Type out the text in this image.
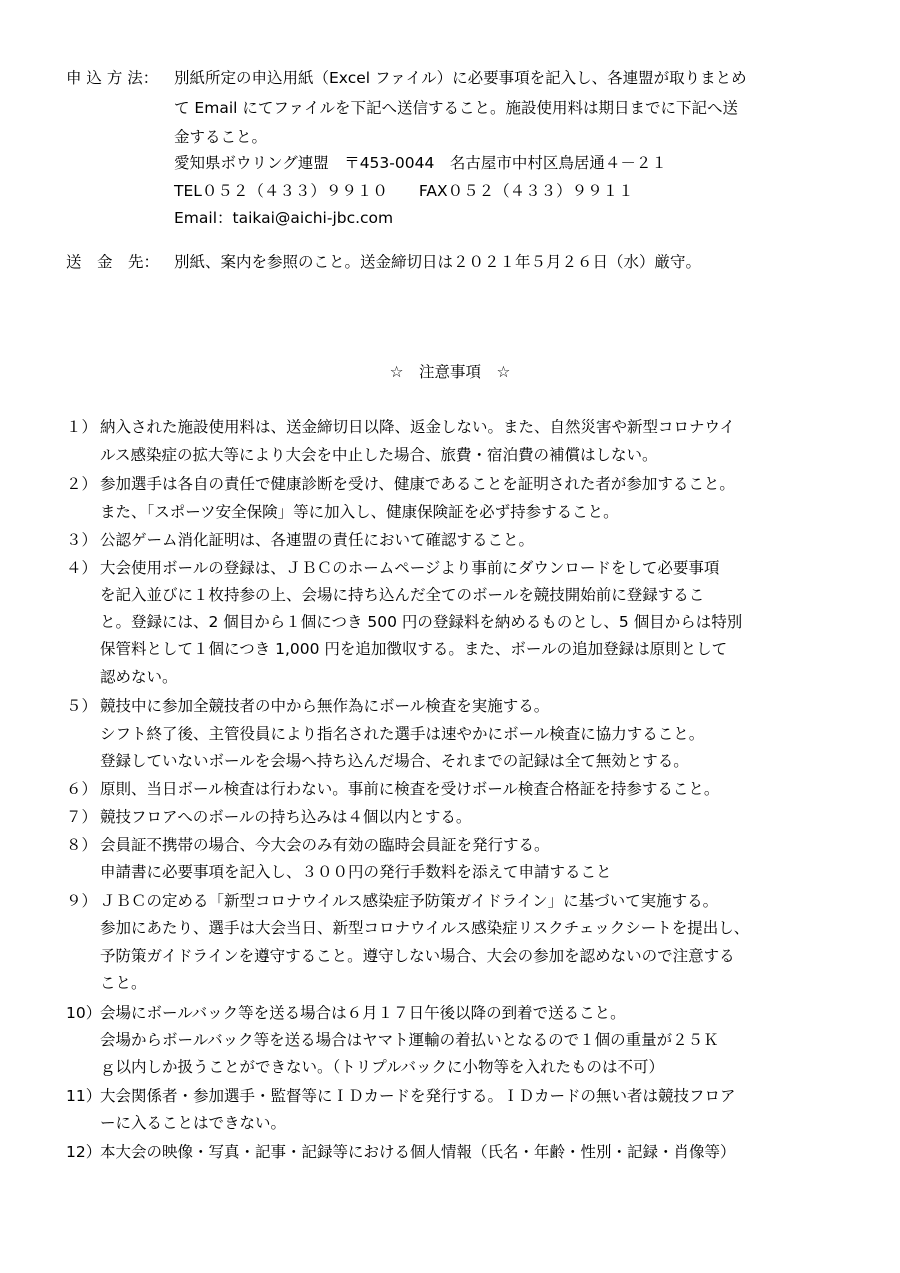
申 込 方 法： 別紙所定の申込用紙（Excel ファイル）に必要事項を記入し、各連盟が取りまとめ
て Email にてファイルを下記へ送信すること。施設使用料は期日までに下記へ送
金すること。
愛知県ボウリング連盟　〒453-0044　名古屋市中村区鳥居通４－２１
TEL０５２（４３３）９９１０　　FAX０５２（４３３）９９１１
Email：taikai@aichi-jbc.com
送　金　先： 別紙、案内を参照のこと。送金締切日は２０２１年５月２６日（水）厳守。
☆　注意事項　☆
１） 納入された施設使用料は、送金締切日以降、返金しない。また、自然災害や新型コロナウイ
ルス感染症の拡大等により大会を中止した場合、旅費・宿泊費の補償はしない。
２） 参加選手は各自の責任で健康診断を受け、健康であることを証明された者が参加すること。
また、「スポーツ安全保険」等に加入し、健康保険証を必ず持参すること。
３） 公認ゲーム消化証明は、各連盟の責任において確認すること。
４） 大会使用ボールの登録は、ＪＢＣのホームページより事前にダウンロードをして必要事項
を記入並びに１枚持参の上、会場に持ち込んだ全てのボールを競技開始前に登録するこ
と。登録には、2 個目から１個につき 500 円の登録料を納めるものとし、5 個目からは特別
保管料として１個につき 1,000 円を追加徴収する。また、ボールの追加登録は原則として
認めない。
５） 競技中に参加全競技者の中から無作為にボール検査を実施する。
シフト終了後、主管役員により指名された選手は速やかにボール検査に協力すること。
登録していないボールを会場へ持ち込んだ場合、それまでの記録は全て無効とする。
６） 原則、当日ボール検査は行わない。事前に検査を受けボール検査合格証を持参すること。
７） 競技フロアへのボールの持ち込みは４個以内とする。
８） 会員証不携帯の場合、今大会のみ有効の臨時会員証を発行する。
申請書に必要事項を記入し、３００円の発行手数料を添えて申請すること
９） ＪＢＣの定める「新型コロナウイルス感染症予防策ガイドライン」に基づいて実施する。
参加にあたり、選手は大会当日、新型コロナウイルス感染症リスクチェックシートを提出し、
予防策ガイドラインを遵守すること。遵守しない場合、大会の参加を認めないので注意する
こと。
10）
会場にボールバック等を送る場合は６月１７日午後以降の到着で送ること。
会場からボールバック等を送る場合はヤマト運輸の着払いとなるので１個の重量が２５Ｋ
ｇ以内しか扱うことができない。（トリプルバックに小物等を入れたものは不可）
11）
大会関係者・参加選手・監督等にＩＤカードを発行する。ＩＤカードの無い者は競技フロア
ーに入ることはできない。
12）
本大会の映像・写真・記事・記録等における個人情報（氏名・年齢・性別・記録・肖像等）
